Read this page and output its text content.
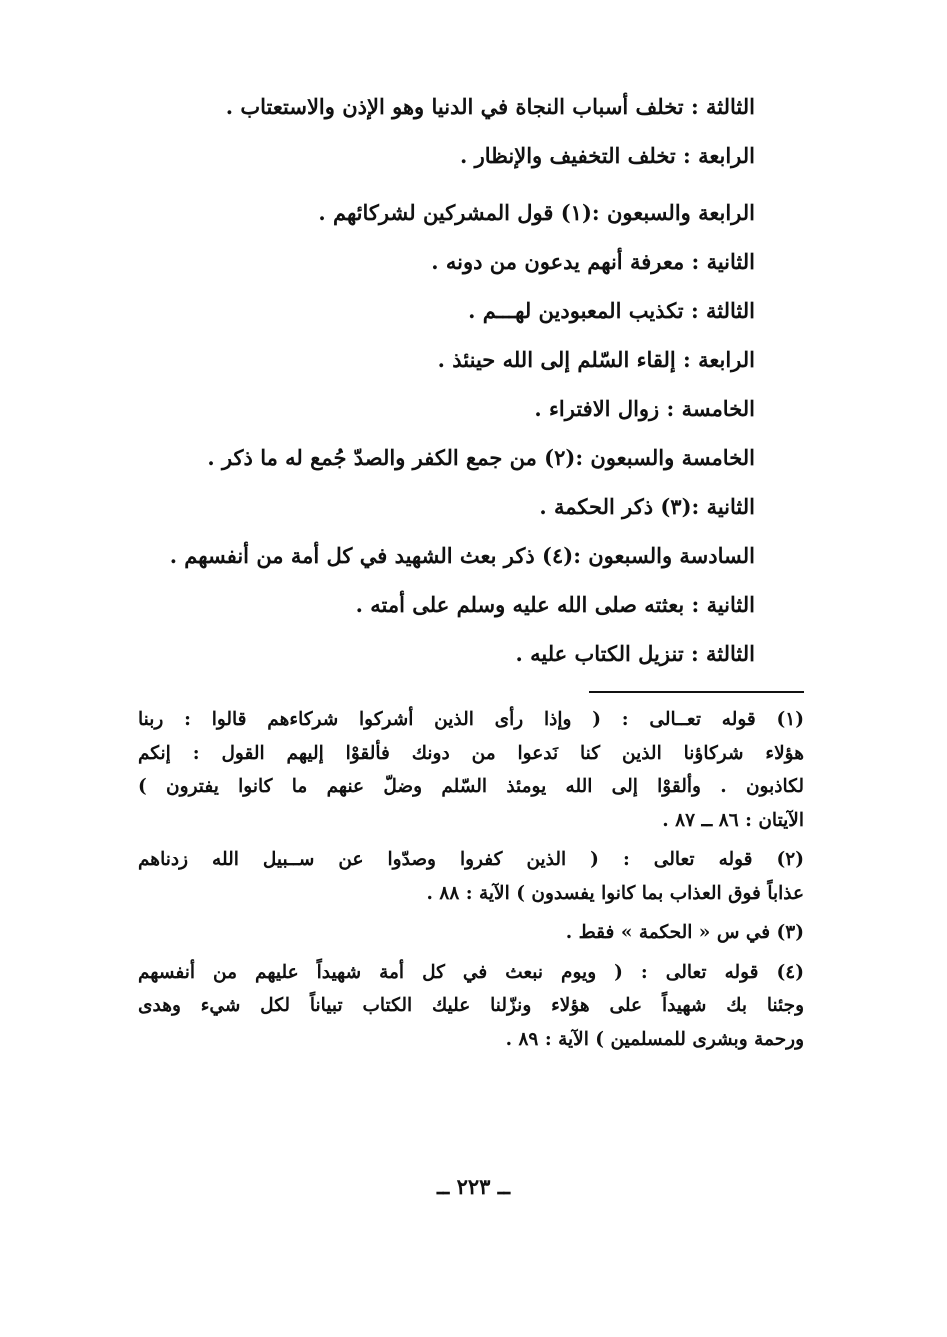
الثالثة : تخلف أسباب النجاة في الدنيا وهو الإذن والاستعتاب .
الرابعة : تخلف التخفيف والإنظار .
الرابعة والسبعون :(١) قول المشركين لشركائهم .
الثانية : معرفة أنهم يدعون من دونه .
الثالثة : تكذيب المعبودين لهـــم .
الرابعة : إلقاء السّلم إلى الله حينئذ .
الخامسة : زوال الافتراء .
الخامسة والسبعون :(٢) من جمع الكفر والصدّ جُمع له ما ذكر .
الثانية :(٣) ذكر الحكمة .
السادسة والسبعون :(٤) ذكر بعث الشهيد في كل أمة من أنفسهم .
الثانية : بعثته صلى الله عليه وسلم على أمته .
الثالثة : تنزيل الكتاب عليه .
(١) قوله تعــالى : ( وإذا رأى الذين أشركوا شركاءهم قالوا : ربنا
هؤلاء شركاؤنا الذين كنا نَدعوا من دونك فألقوْا إليهم القول : إنكم
لكاذبون . وألقوْا إلى الله يومئذ السّلم وضلّ عنهم ما كانوا يفترون )
الآيتان : ٨٦ ــ ٨٧ .
(٢) قوله تعالى : ( الذين كفروا وصدّوا عن ســبيل الله زدناهم
عذاباً فوق العذاب بما كانوا يفسدون ) الآية : ٨٨ .
(٣) في س « الحكمة » فقط .
(٤) قوله تعالى : ( ويوم نبعث في كل أمة شهيداً عليهم من أنفسهم
وجئنا بك شهيداً على هؤلاء ونزّلنا عليك الكتاب تبياناً لكل شيء وهدى
ورحمة وبشرى للمسلمين ) الآية : ٨٩ .
ــ ٢٢٣ ــ
